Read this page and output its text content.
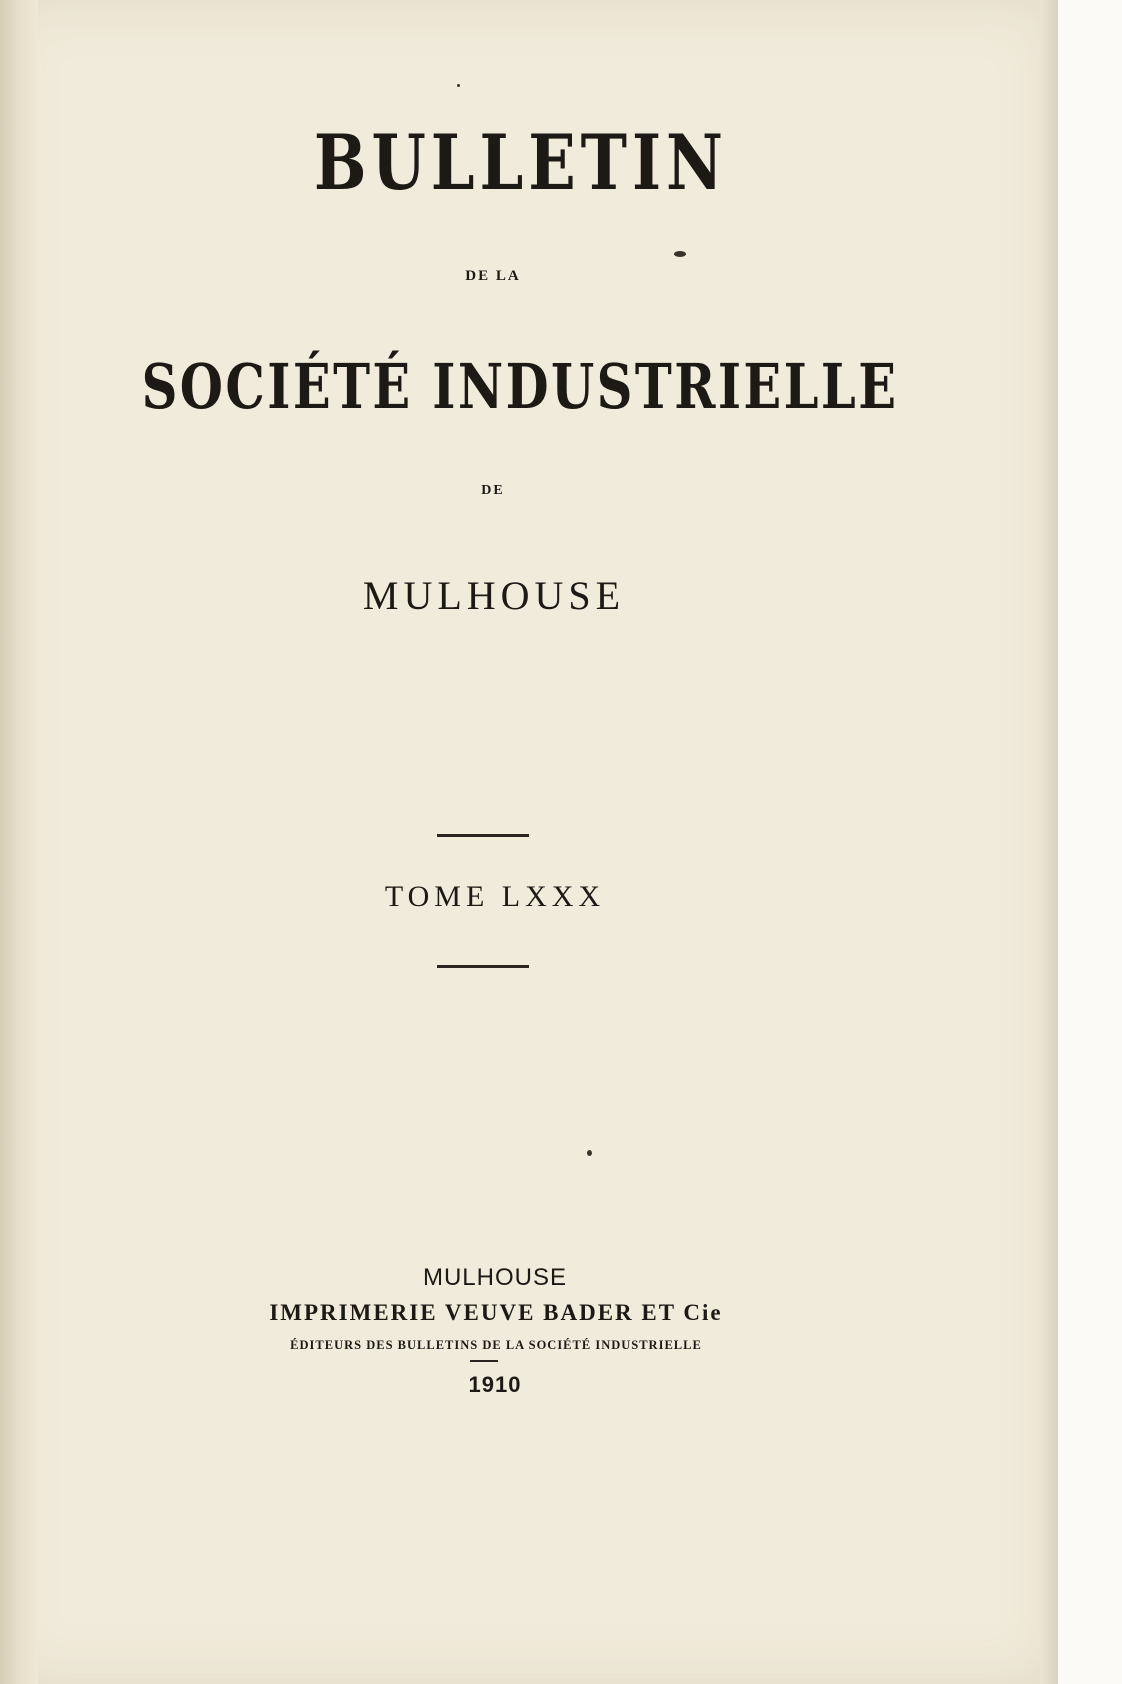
BULLETIN
DE LA
SOCIÉTÉ INDUSTRIELLE
DE
MULHOUSE
TOME LXXX
MULHOUSE
IMPRIMERIE VEUVE BADER ET Cie
ÉDITEURS DES BULLETINS DE LA SOCIÉTÉ INDUSTRIELLE
1910
